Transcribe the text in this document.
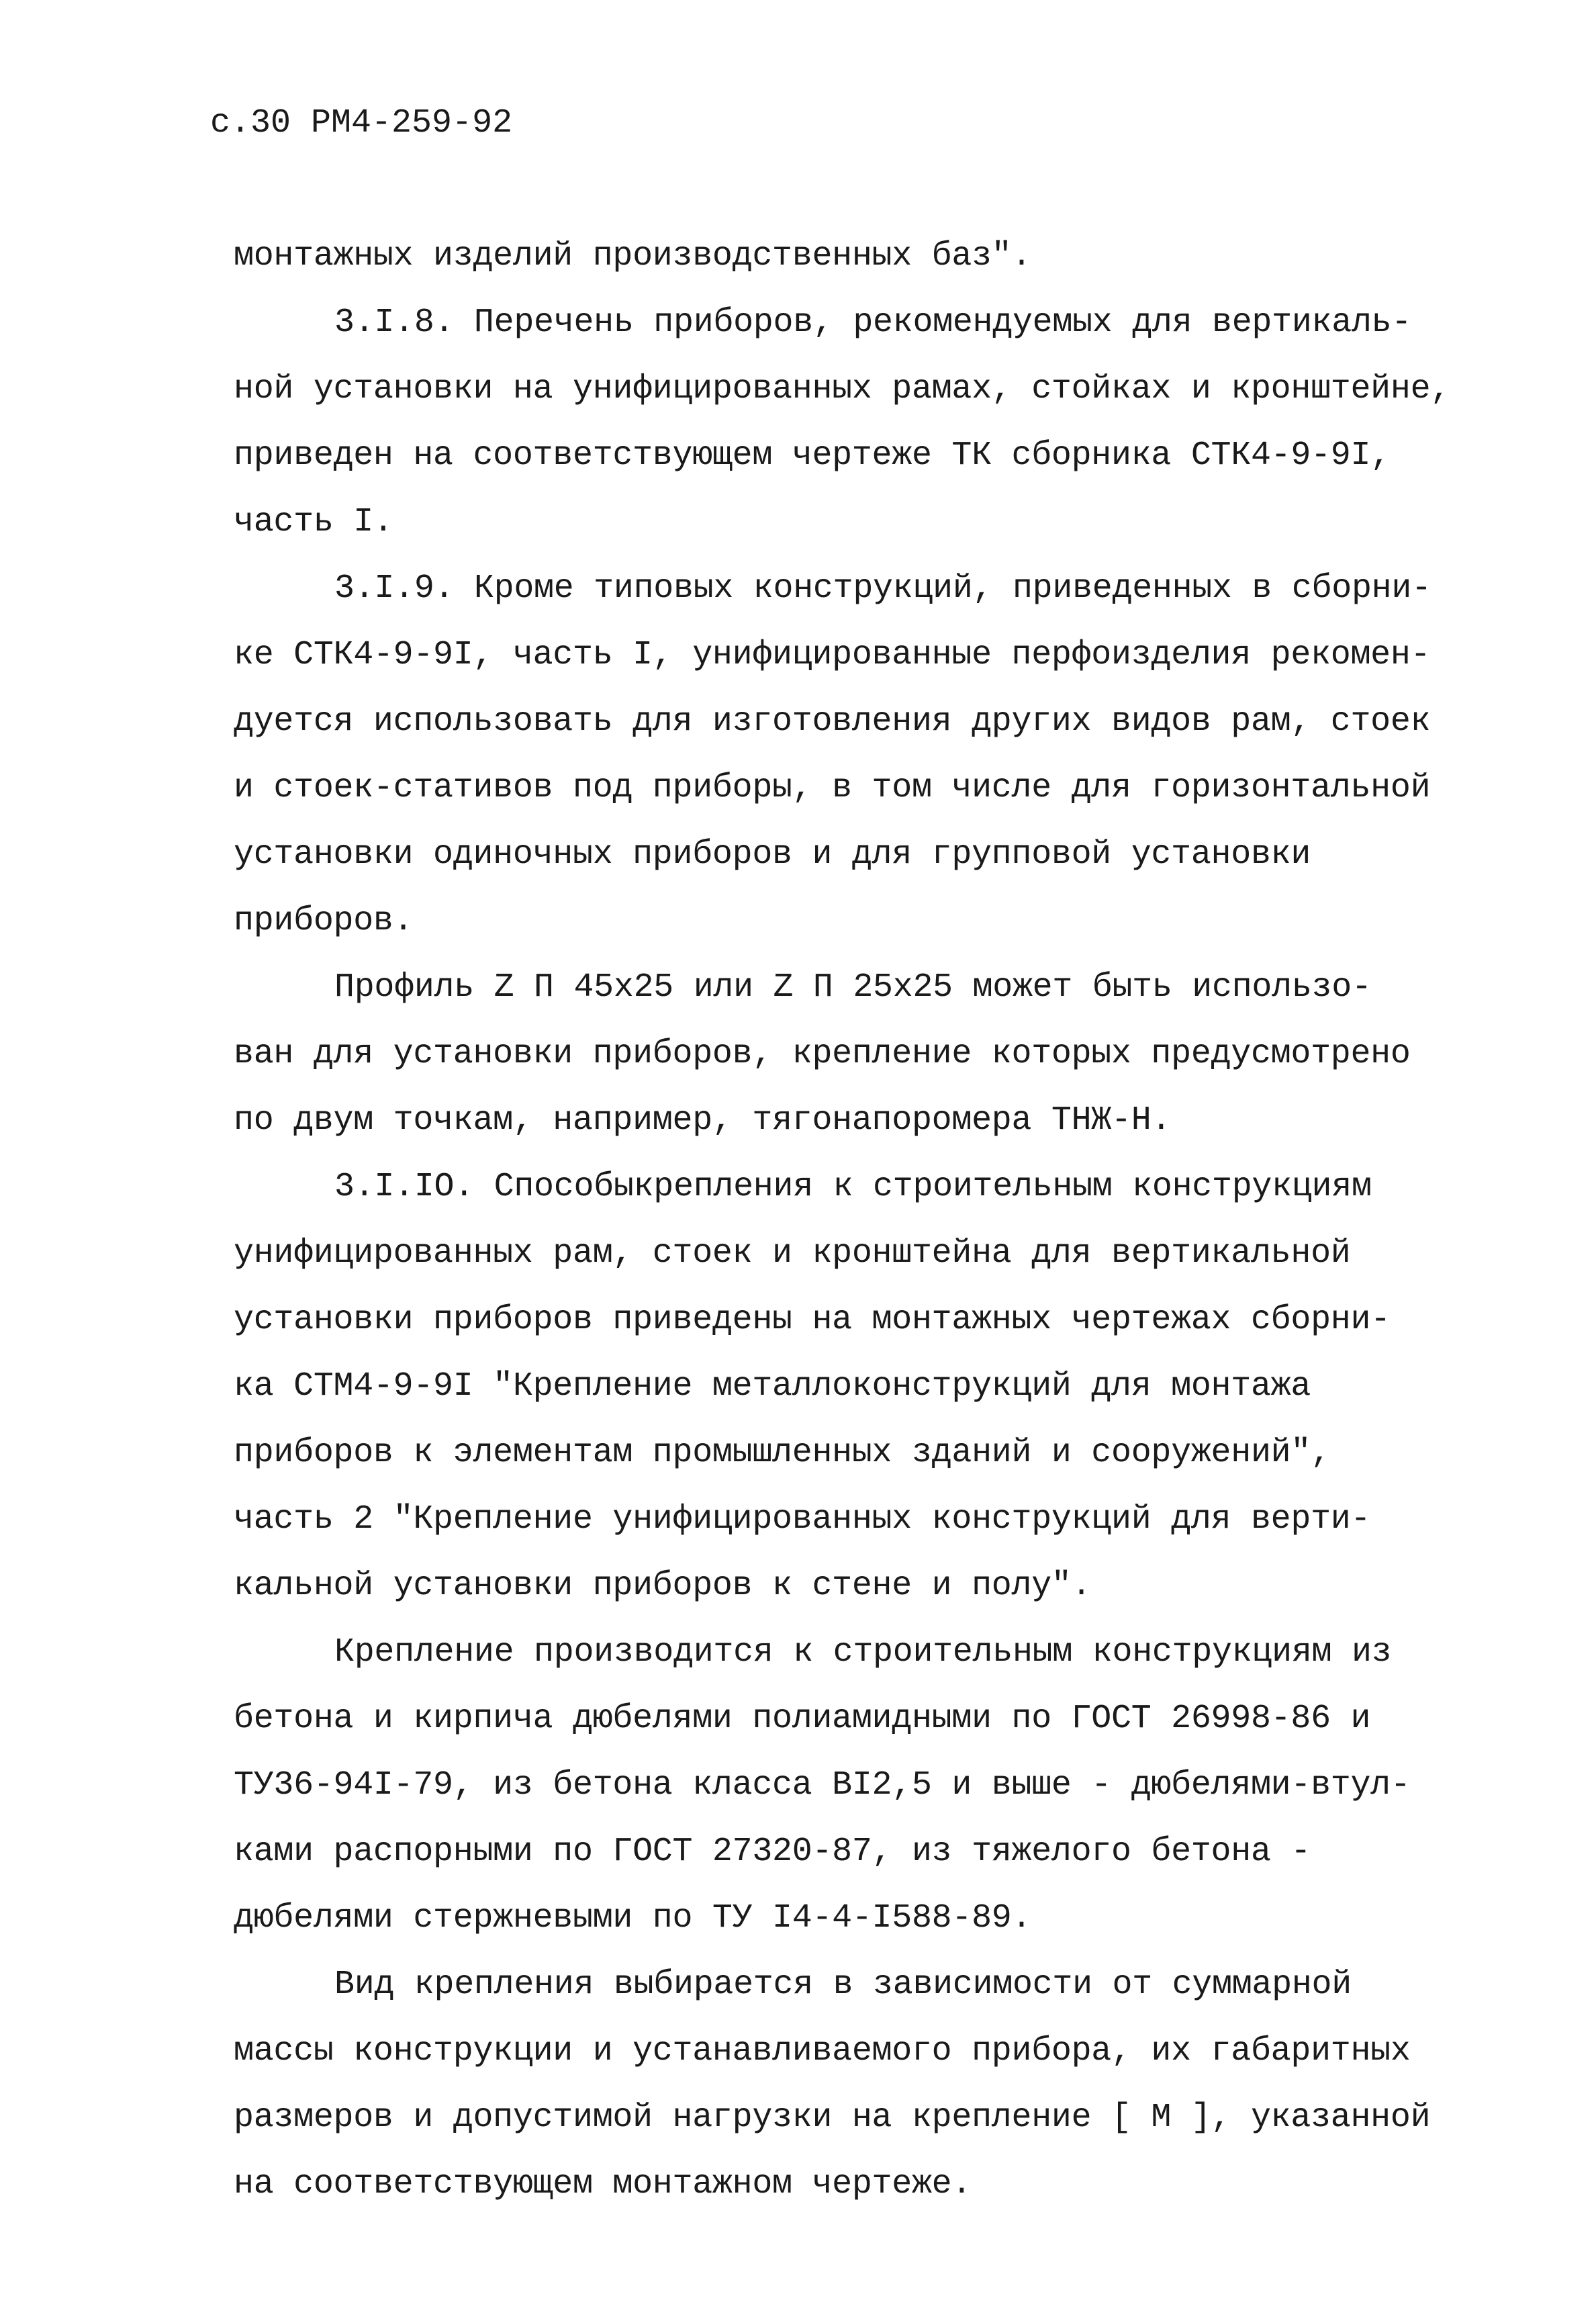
с.30 РМ4-259-92
монтажных изделий производственных баз".
3.I.8. Перечень приборов, рекомендуемых для вертикаль-
ной установки на унифицированных рамах, стойках и кронштейне,
приведен на соответствующем чертеже ТК сборника СТК4-9-9I,
часть I.
3.I.9. Кроме типовых конструкций, приведенных в сборни-
ке СТК4-9-9I, часть I, унифицированные перфоизделия рекомен-
дуется использовать для изготовления других видов рам, стоек
и стоек-стативов под приборы, в том числе для горизонтальной
установки одиночных приборов и для групповой установки
приборов.
Профиль Z П 45х25 или Z П 25х25 может быть использо-
ван для установки приборов, крепление которых предусмотрено
по двум точкам, например, тягонапоромера ТНЖ-Н.
3.I.IO. Способыкрепления к строительным конструкциям
унифицированных рам, стоек и кронштейна для вертикальной
установки приборов приведены на монтажных чертежах сборни-
ка СТМ4-9-9I "Крепление металлоконструкций для монтажа
приборов к элементам промышленных зданий и сооружений",
часть 2 "Крепление унифицированных конструкций для верти-
кальной установки приборов к стене и полу".
Крепление производится к строительным конструкциям из
бетона и кирпича дюбелями полиамидными по ГОСТ 26998-86 и
ТУ36-94I-79, из бетона класса BI2,5 и выше - дюбелями-втул-
ками распорными по ГОСТ 27320-87, из тяжелого бетона -
дюбелями стержневыми по ТУ I4-4-I588-89.
Вид крепления выбирается в зависимости от суммарной
массы конструкции и устанавливаемого прибора, их габаритных
размеров и допустимой нагрузки на крепление [ М ], указанной
на соответствующем монтажном чертеже.
